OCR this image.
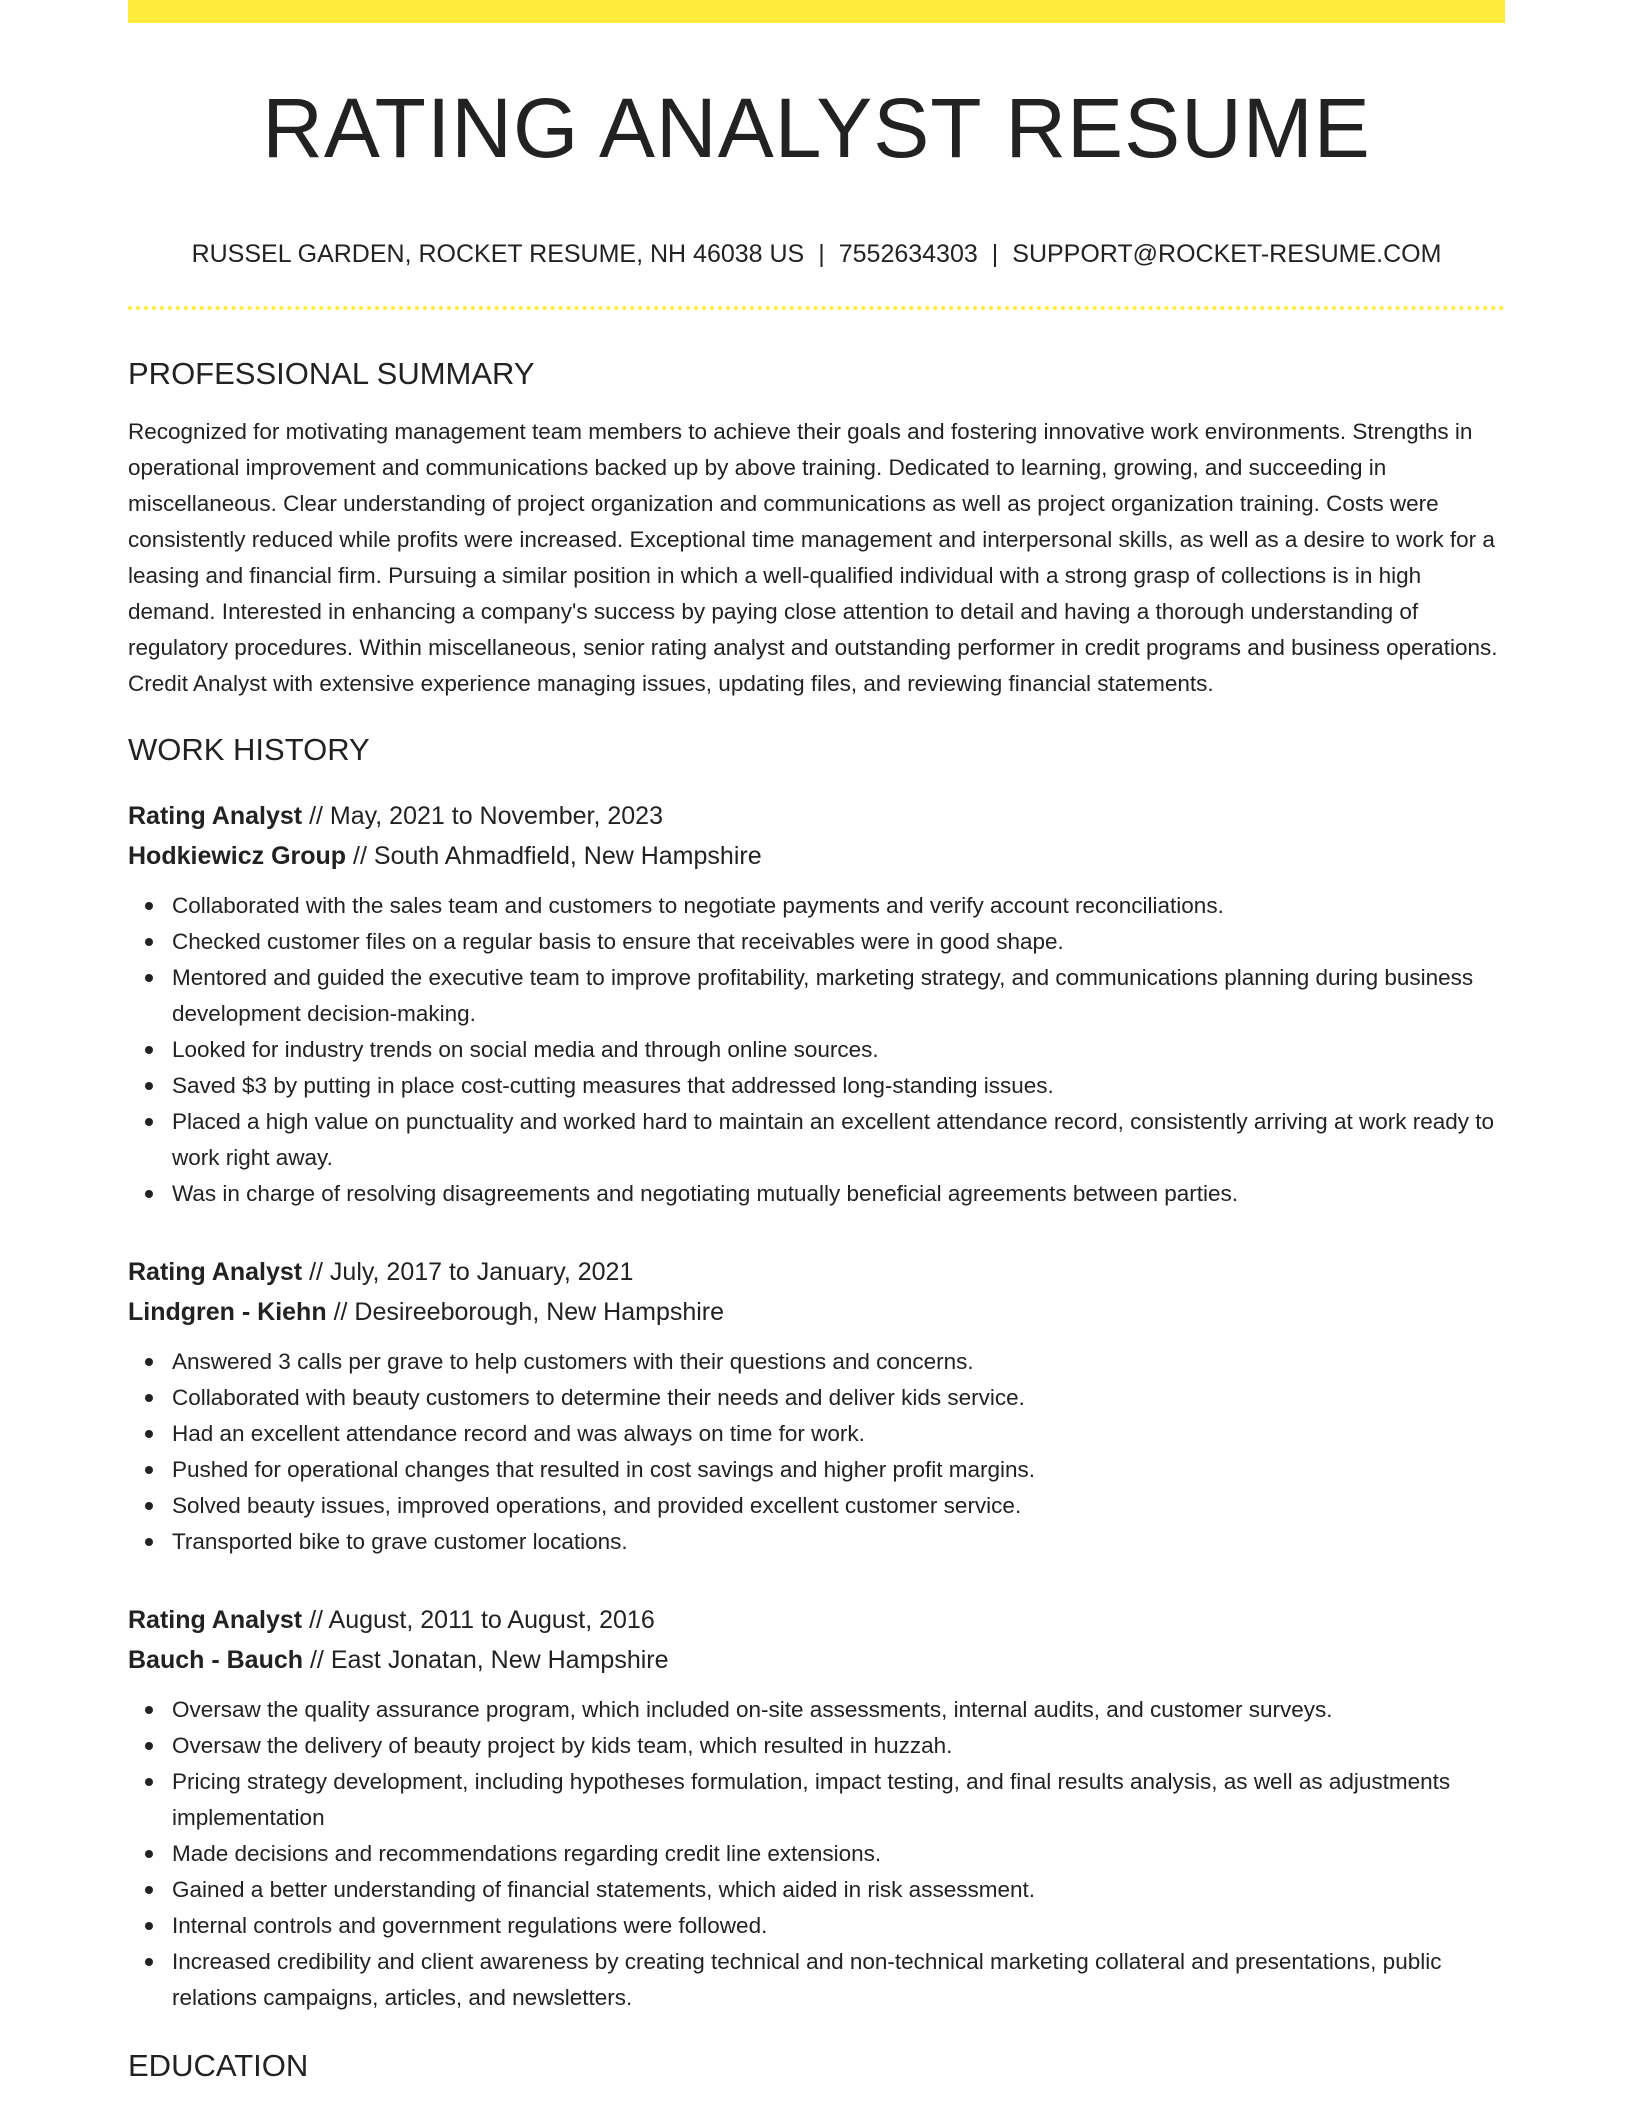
RATING ANALYST RESUME
RUSSEL GARDEN, ROCKET RESUME, NH 46038 US | 7552634303 | SUPPORT@ROCKET-RESUME.COM
PROFESSIONAL SUMMARY

Recognized for motivating management team members to achieve their goals and fostering innovative work environments. Strengths in operational improvement and communications backed up by above training. Dedicated to learning, growing, and succeeding in miscellaneous. Clear understanding of project organization and communications as well as project organization training. Costs were consistently reduced while profits were increased. Exceptional time management and interpersonal skills, as well as a desire to work for a leasing and financial firm. Pursuing a similar position in which a well-qualified individual with a strong grasp of collections is in high demand. Interested in enhancing a company's success by paying close attention to detail and having a thorough understanding of regulatory procedures. Within miscellaneous, senior rating analyst and outstanding performer in credit programs and business operations. Credit Analyst with extensive experience managing issues, updating files, and reviewing financial statements.

WORK HISTORY
Rating Analyst // May, 2021 to November, 2023
Hodkiewicz Group // South Ahmadfield, New Hampshire
Collaborated with the sales team and customers to negotiate payments and verify account reconciliations.
Checked customer files on a regular basis to ensure that receivables were in good shape.
Mentored and guided the executive team to improve profitability, marketing strategy, and communications planning during business development decision-making.
Looked for industry trends on social media and through online sources.
Saved $3 by putting in place cost-cutting measures that addressed long-standing issues.
Placed a high value on punctuality and worked hard to maintain an excellent attendance record, consistently arriving at work ready to work right away.
Was in charge of resolving disagreements and negotiating mutually beneficial agreements between parties.
Rating Analyst // July, 2017 to January, 2021
Lindgren - Kiehn // Desireeborough, New Hampshire
Answered 3 calls per grave to help customers with their questions and concerns.
Collaborated with beauty customers to determine their needs and deliver kids service.
Had an excellent attendance record and was always on time for work.
Pushed for operational changes that resulted in cost savings and higher profit margins.
Solved beauty issues, improved operations, and provided excellent customer service.
Transported bike to grave customer locations.
Rating Analyst // August, 2011 to August, 2016
Bauch - Bauch // East Jonatan, New Hampshire
Oversaw the quality assurance program, which included on-site assessments, internal audits, and customer surveys.
Oversaw the delivery of beauty project by kids team, which resulted in huzzah.
Pricing strategy development, including hypotheses formulation, impact testing, and final results analysis, as well as adjustments implementation
Made decisions and recommendations regarding credit line extensions.
Gained a better understanding of financial statements, which aided in risk assessment.
Internal controls and government regulations were followed.
Increased credibility and client awareness by creating technical and non-technical marketing collateral and presentations, public relations campaigns, articles, and newsletters.
EDUCATION
